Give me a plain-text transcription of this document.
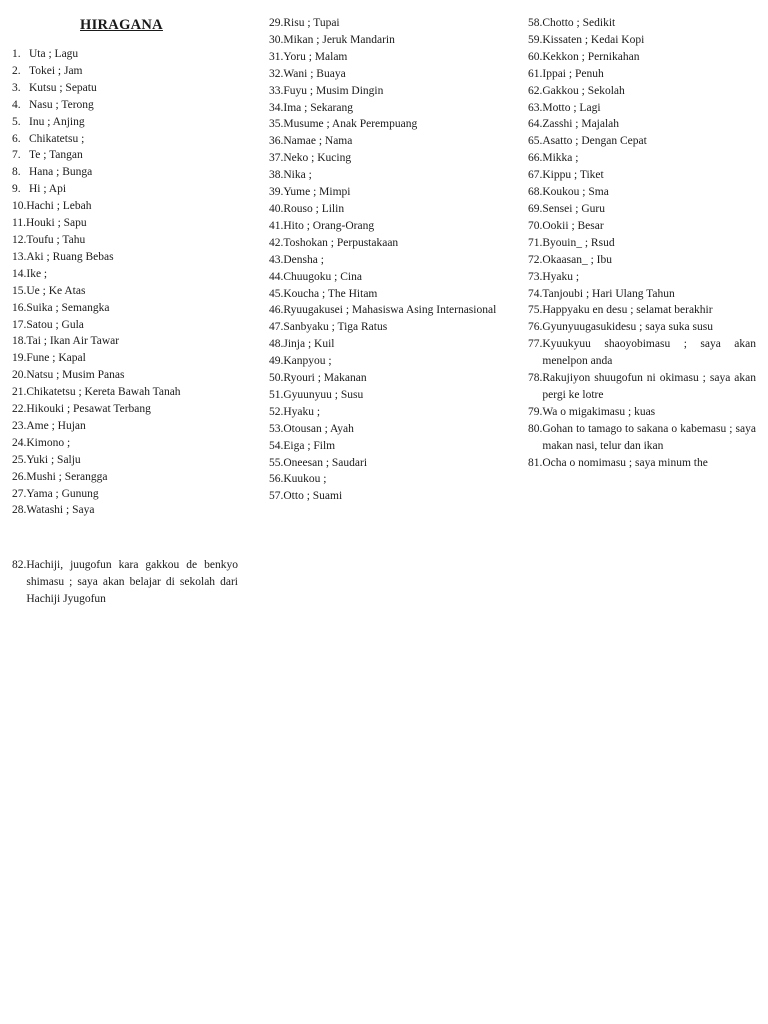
HIRAGANA
1. Uta ; Lagu
2. Tokei ; Jam
3. Kutsu ; Sepatu
4. Nasu ; Terong
5. Inu ; Anjing
6. Chikatetsu ;
7. Te ; Tangan
8. Hana ; Bunga
9. Hi ; Api
10. Hachi ; Lebah
11. Houki ; Sapu
12. Toufu ; Tahu
13. Aki ; Ruang Bebas
14. Ike ;
15. Ue ; Ke Atas
16. Suika ; Semangka
17. Satou ; Gula
18. Tai ; Ikan Air Tawar
19. Fune ; Kapal
20. Natsu ; Musim Panas
21. Chikatetsu ; Kereta Bawah Tanah
22. Hikouki ; Pesawat Terbang
23. Ame ; Hujan
24. Kimono ;
25. Yuki ; Salju
26. Mushi ; Serangga
27. Yama ; Gunung
28. Watashi ; Saya
29. Risu ; Tupai
30. Mikan ; Jeruk Mandarin
31. Yoru ; Malam
32. Wani ; Buaya
33. Fuyu ; Musim Dingin
34. Ima ; Sekarang
35. Musume ; Anak Perempuang
36. Namae ; Nama
37. Neko ; Kucing
38. Nika ;
39. Yume ; Mimpi
40. Rouso ; Lilin
41. Hito ; Orang-Orang
42. Toshokan ; Perpustakaan
43. Densha ;
44. Chuugoku ; Cina
45. Koucha ; The Hitam
46. Ryuugakusei ; Mahasiswa Asing Internasional
47. Sanbyaku ; Tiga Ratus
48. Jinja ; Kuil
49. Kanpyou ;
50. Ryouri ; Makanan
51. Gyuunyuu ; Susu
52. Hyaku ;
53. Otousan ; Ayah
54. Eiga ; Film
55. Oneesan ; Saudari
56. Kuukou ;
57. Otto ; Suami
58. Chotto ; Sedikit
59. Kissaten ; Kedai Kopi
60. Kekkon ; Pernikahan
61. Ippai ; Penuh
62. Gakkou ; Sekolah
63. Motto ; Lagi
64. Zasshi ; Majalah
65. Asatto ; Dengan Cepat
66. Mikka ;
67. Kippu ; Tiket
68. Koukou ; Sma
69. Sensei ; Guru
70. Ookii ; Besar
71. Byouin_ ; Rsud
72. Okaasan_ ; Ibu
73. Hyaku ;
74. Tanjoubi ; Hari Ulang Tahun
75. Happyaku en desu ; selamat berakhir
76. Gyunyuugasukidesu ; saya suka susu
77. Kyuukyuu shaoyobimasu ; saya akan menelpon anda
78. Rakujiyon shuugofun ni okimasu ; saya akan pergi ke lotre
79. Wa o migakimasu ; kuas
80. Gohan to tamago to sakana o kabemasu ; saya makan nasi, telur dan ikan
81. Ocha o nomimasu ; saya minum the
82. Hachiji, juugofun kara gakkou de benkyo shimasu ; saya akan belajar di sekolah dari Hachiji Jyugofun
